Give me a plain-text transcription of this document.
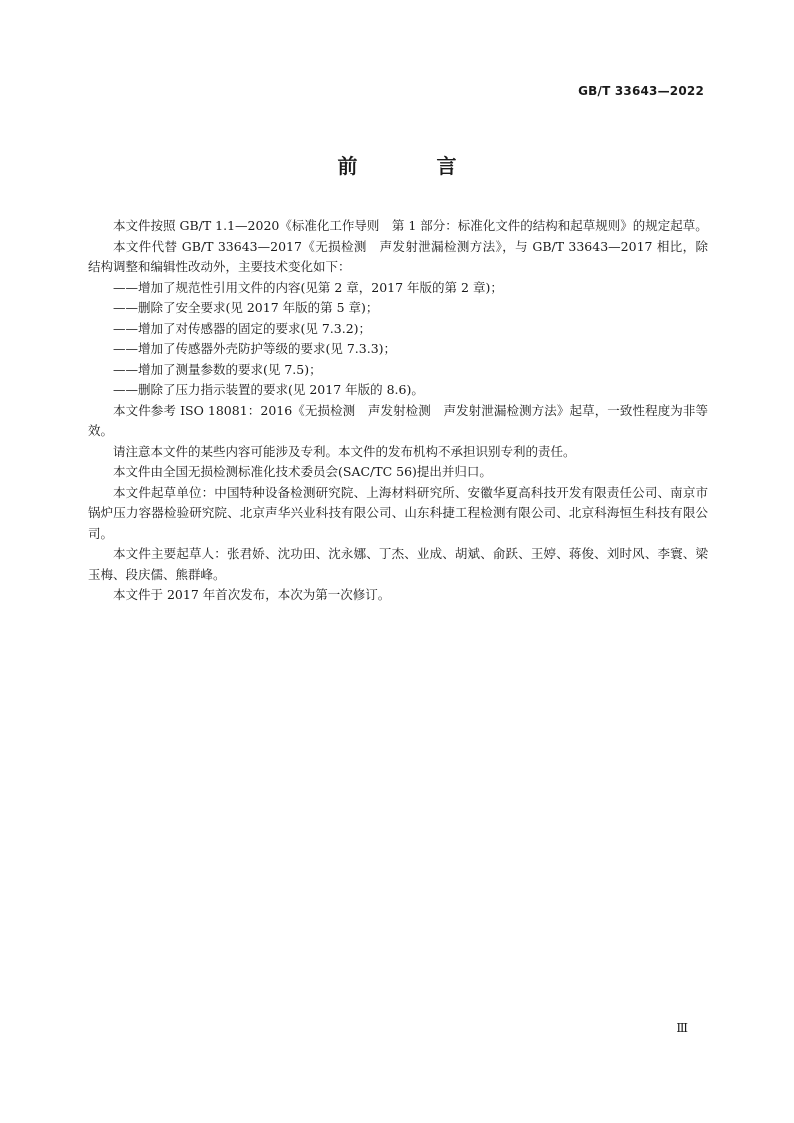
GB/T 33643—2022
前 言

本文件按照 GB/T 1.1—2020《标准化工作导则　第 1 部分：标准化文件的结构和起草规则》的规定起草。

本文件代替 GB/T 33643—2017《无损检测　声发射泄漏检测方法》，与 GB/T 33643—2017 相比，除结构调整和编辑性改动外，主要技术变化如下：

——增加了规范性引用文件的内容(见第 2 章，2017 年版的第 2 章)；

——删除了安全要求(见 2017 年版的第 5 章)；

——增加了对传感器的固定的要求(见 7.3.2)；

——增加了传感器外壳防护等级的要求(见 7.3.3)；

——增加了测量参数的要求(见 7.5)；

——删除了压力指示装置的要求(见 2017 年版的 8.6)。

本文件参考 ISO 18081：2016《无损检测　声发射检测　声发射泄漏检测方法》起草，一致性程度为非等效。

请注意本文件的某些内容可能涉及专利。本文件的发布机构不承担识别专利的责任。

本文件由全国无损检测标准化技术委员会(SAC/TC 56)提出并归口。

本文件起草单位：中国特种设备检测研究院、上海材料研究所、安徽华夏高科技开发有限责任公司、南京市锅炉压力容器检验研究院、北京声华兴业科技有限公司、山东科捷工程检测有限公司、北京科海恒生科技有限公司。

本文件主要起草人：张君娇、沈功田、沈永娜、丁杰、业成、胡斌、俞跃、王婷、蒋俊、刘时风、李寰、梁玉梅、段庆儒、熊群峰。

本文件于 2017 年首次发布，本次为第一次修订。

Ⅲ
